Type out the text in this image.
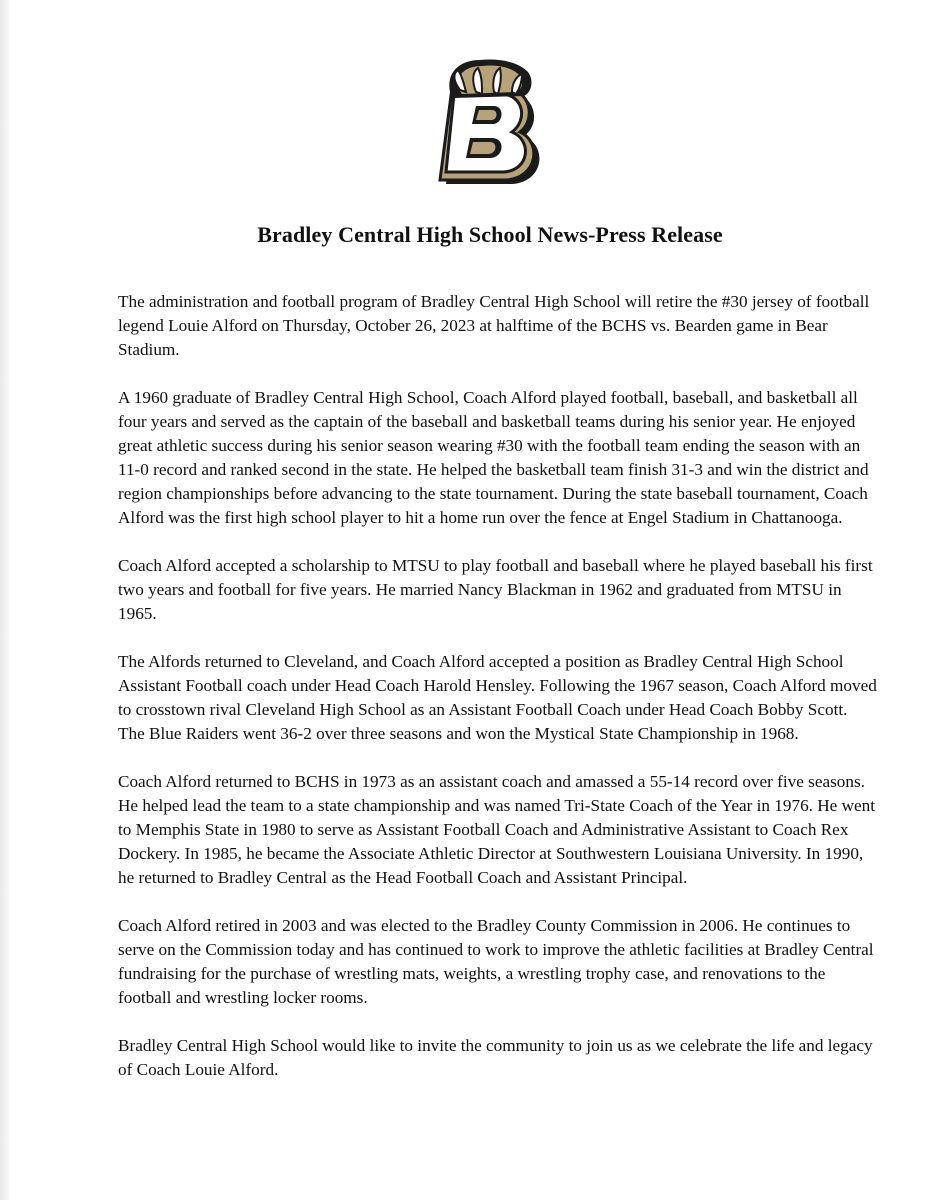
Bradley Central High School News-Press Release

The administration and football program of Bradley Central High School will retire the #30 jersey of football legend Louie Alford on Thursday, October 26, 2023 at halftime of the BCHS vs. Bearden game in Bear Stadium.

A 1960 graduate of Bradley Central High School, Coach Alford played football, baseball, and basketball all four years and served as the captain of the baseball and basketball teams during his senior year. He enjoyed great athletic success during his senior season wearing #30 with the football team ending the season with an 11-0 record and ranked second in the state. He helped the basketball team finish 31-3 and win the district and region championships before advancing to the state tournament. During the state baseball tournament, Coach Alford was the first high school player to hit a home run over the fence at Engel Stadium in Chattanooga.

Coach Alford accepted a scholarship to MTSU to play football and baseball where he played baseball his first two years and football for five years. He married Nancy Blackman in 1962 and graduated from MTSU in 1965.

The Alfords returned to Cleveland, and Coach Alford accepted a position as Bradley Central High School Assistant Football coach under Head Coach Harold Hensley. Following the 1967 season, Coach Alford moved to crosstown rival Cleveland High School as an Assistant Football Coach under Head Coach Bobby Scott. The Blue Raiders went 36-2 over three seasons and won the Mystical State Championship in 1968.

Coach Alford returned to BCHS in 1973 as an assistant coach and amassed a 55-14 record over five seasons. He helped lead the team to a state championship and was named Tri-State Coach of the Year in 1976. He went to Memphis State in 1980 to serve as Assistant Football Coach and Administrative Assistant to Coach Rex Dockery. In 1985, he became the Associate Athletic Director at Southwestern Louisiana University. In 1990, he returned to Bradley Central as the Head Football Coach and Assistant Principal.

Coach Alford retired in 2003 and was elected to the Bradley County Commission in 2006. He continues to serve on the Commission today and has continued to work to improve the athletic facilities at Bradley Central fundraising for the purchase of wrestling mats, weights, a wrestling trophy case, and renovations to the football and wrestling locker rooms.

Bradley Central High School would like to invite the community to join us as we celebrate the life and legacy of Coach Louie Alford.
